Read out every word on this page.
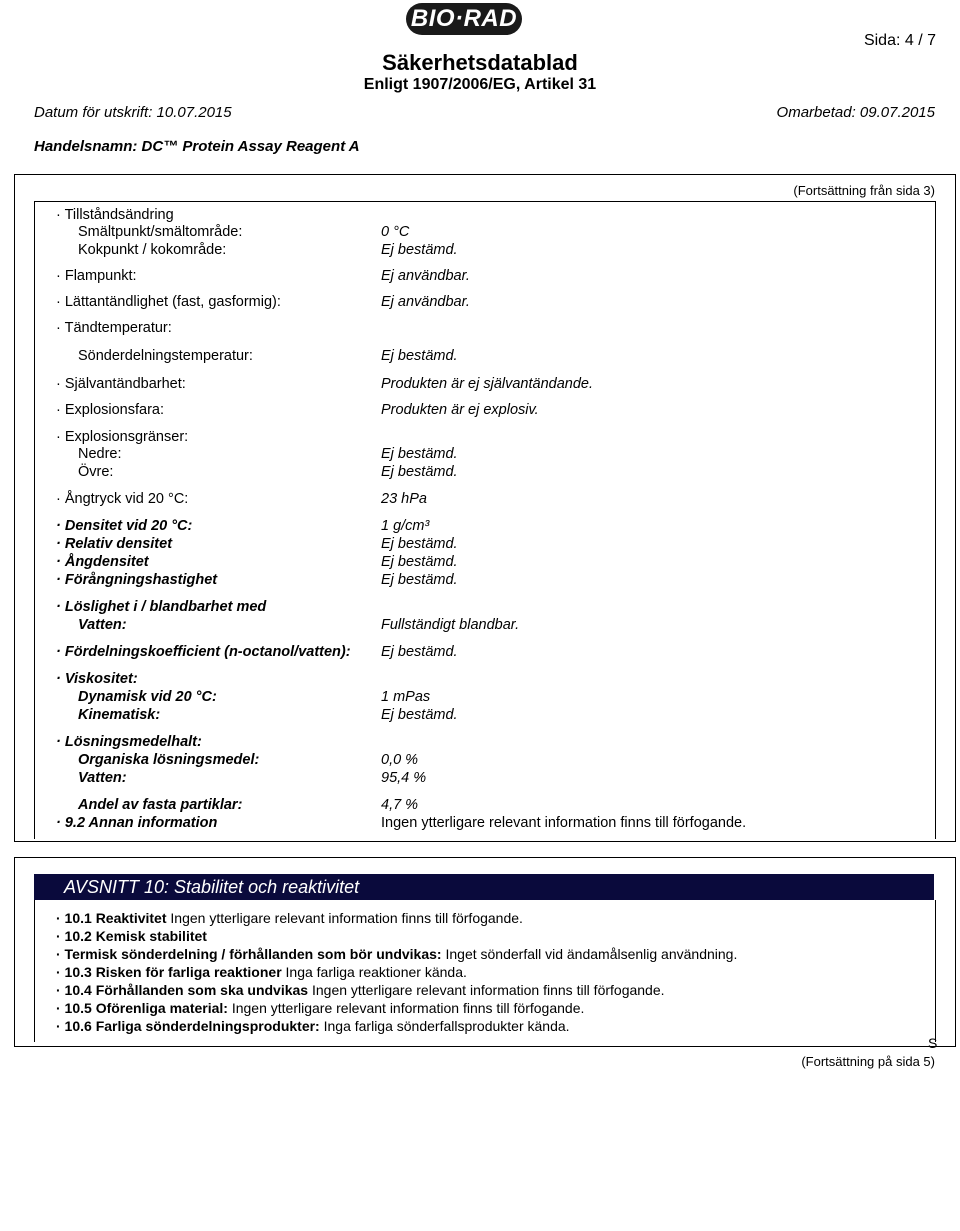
BIO·RAD
Sida: 4 / 7
Säkerhetsdatablad
Enligt 1907/2006/EG, Artikel 31
Datum för utskrift: 10.07.2015	Omarbetad: 09.07.2015
Handelsnamn: DC™ Protein Assay Reagent A
(Fortsättning från sida 3)
· Tillståndsändring
Smältpunkt/smältområde:	0 °C
Kokpunkt / kokområde:	Ej bestämd.
· Flampunkt:	Ej användbar.
· Lättantändlighet (fast, gasformig):	Ej användbar.
· Tändtemperatur:
Sönderdelningstemperatur:	Ej bestämd.
· Självantändbarhet:	Produkten är ej självantändande.
· Explosionsfara:	Produkten är ej explosiv.
· Explosionsgränser:
Nedre:	Ej bestämd.
Övre:	Ej bestämd.
· Ångtryck vid 20 °C:	23 hPa
· Densitet vid 20 °C:	1 g/cm³
· Relativ densitet	Ej bestämd.
· Ångdensitet	Ej bestämd.
· Förångningshastighet	Ej bestämd.
· Löslighet i / blandbarhet med
Vatten:	Fullständigt blandbar.
· Fördelningskoefficient (n-octanol/vatten): Ej bestämd.
· Viskositet:
Dynamisk vid 20 °C:	1 mPas
Kinematisk:	Ej bestämd.
· Lösningsmedelhalt:
Organiska lösningsmedel:	0,0 %
Vatten:	95,4 %
Andel av fasta partiklar:	4,7 %
· 9.2 Annan information	Ingen ytterligare relevant information finns till förfogande.
AVSNITT 10: Stabilitet och reaktivitet
· 10.1 Reaktivitet Ingen ytterligare relevant information finns till förfogande.
· 10.2 Kemisk stabilitet
· Termisk sönderdelning / förhållanden som bör undvikas: Inget sönderfall vid ändamålsenlig användning.
· 10.3 Risken för farliga reaktioner Inga farliga reaktioner kända.
· 10.4 Förhållanden som ska undvikas Ingen ytterligare relevant information finns till förfogande.
· 10.5 Oförenliga material: Ingen ytterligare relevant information finns till förfogande.
· 10.6 Farliga sönderdelningsprodukter: Inga farliga sönderfallsprodukter kända.
S
(Fortsättning på sida 5)
